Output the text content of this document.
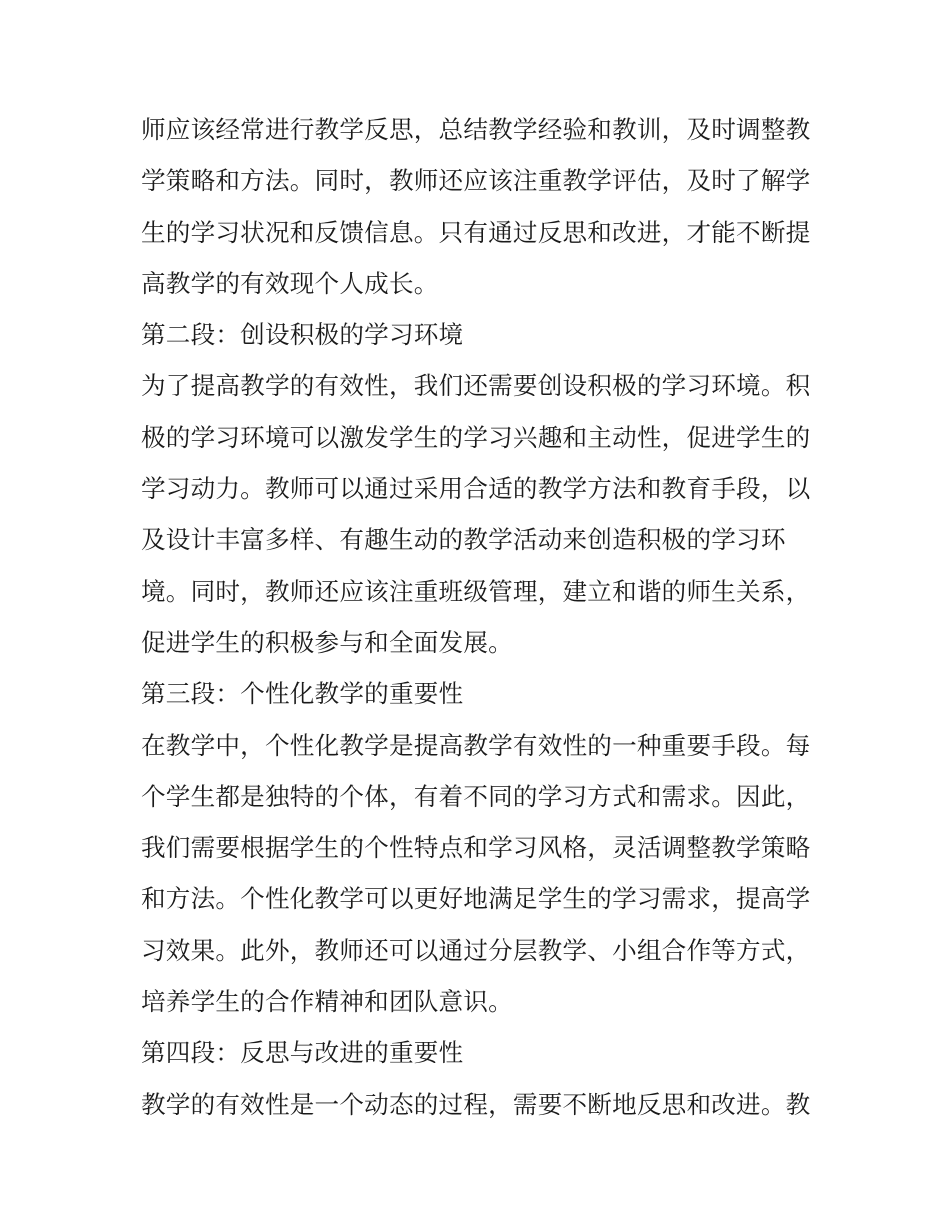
师应该经常进行教学反思，总结教学经验和教训，及时调整教
学策略和方法。同时，教师还应该注重教学评估，及时了解学
生的学习状况和反馈信息。只有通过反思和改进，才能不断提
高教学的有效现个人成长。
第二段：创设积极的学习环境
为了提高教学的有效性，我们还需要创设积极的学习环境。积
极的学习环境可以激发学生的学习兴趣和主动性，促进学生的
学习动力。教师可以通过采用合适的教学方法和教育手段，以
及设计丰富多样、有趣生动的教学活动来创造积极的学习环
境。同时，教师还应该注重班级管理，建立和谐的师生关系，
促进学生的积极参与和全面发展。
第三段：个性化教学的重要性
在教学中，个性化教学是提高教学有效性的一种重要手段。每
个学生都是独特的个体，有着不同的学习方式和需求。因此，
我们需要根据学生的个性特点和学习风格，灵活调整教学策略
和方法。个性化教学可以更好地满足学生的学习需求，提高学
习效果。此外，教师还可以通过分层教学、小组合作等方式，
培养学生的合作精神和团队意识。
第四段：反思与改进的重要性
教学的有效性是一个动态的过程，需要不断地反思和改进。教
